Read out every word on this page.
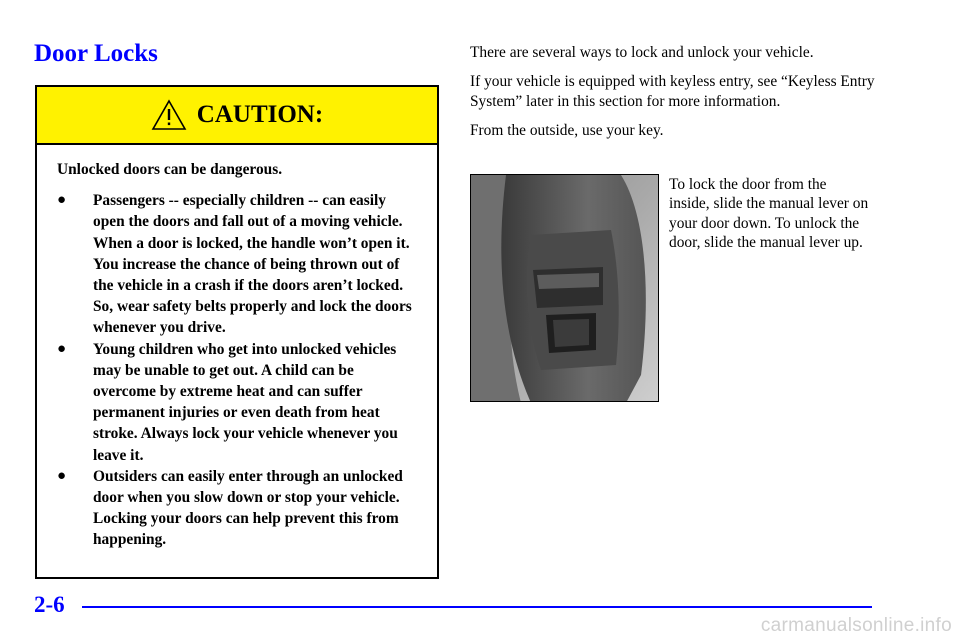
Door Locks
CAUTION:

Unlocked doors can be dangerous.

● Passengers -- especially children -- can easily open the doors and fall out of a moving vehicle. When a door is locked, the handle won’t open it. You increase the chance of being thrown out of the vehicle in a crash if the doors aren’t locked. So, wear safety belts properly and lock the doors whenever you drive.
● Young children who get into unlocked vehicles may be unable to get out. A child can be overcome by extreme heat and can suffer permanent injuries or even death from heat stroke. Always lock your vehicle whenever you leave it.
● Outsiders can easily enter through an unlocked door when you slow down or stop your vehicle. Locking your doors can help prevent this from happening.

There are several ways to lock and unlock your vehicle.

If your vehicle is equipped with keyless entry, see “Keyless Entry System” later in this section for more information.

From the outside, use your key.

To lock the door from the inside, slide the manual lever on your door down. To unlock the door, slide the manual lever up.
2-6
carmanualsonline.info
